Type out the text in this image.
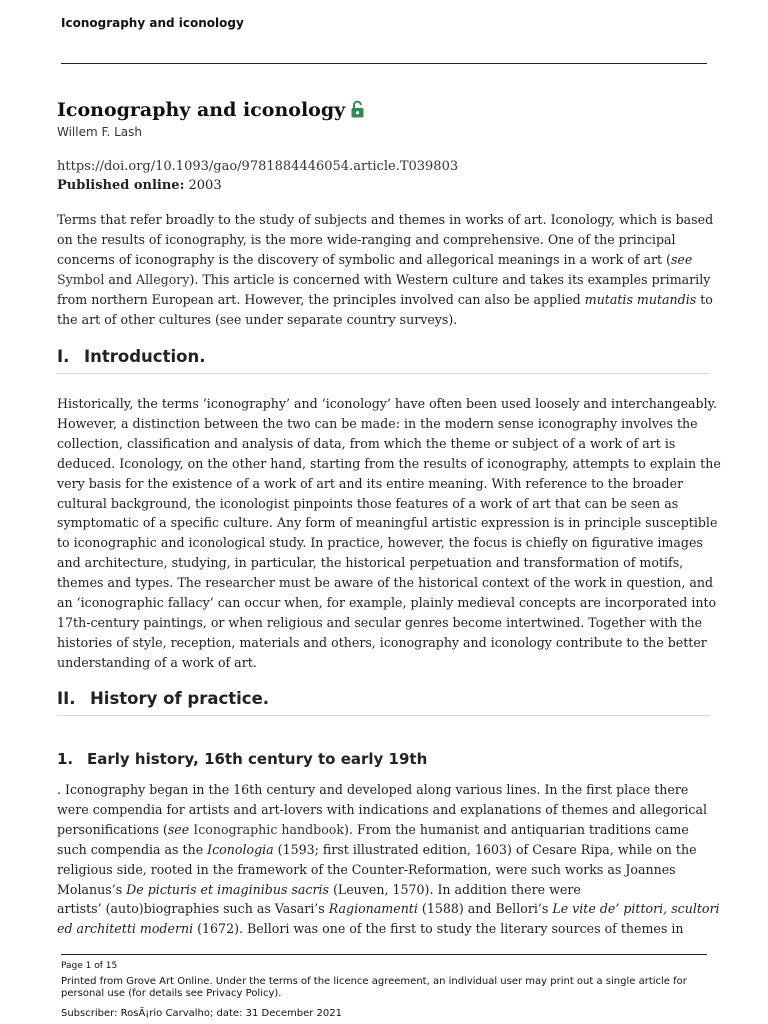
Iconography and iconology
Iconography and iconology
Willem F. Lash
https://doi.org/10.1093/gao/9781884446054.article.T039803
Published online: 2003
Terms that refer broadly to the study of subjects and themes in works of art. Iconology, which is based
on the results of iconography, is the more wide-ranging and comprehensive. One of the principal
concerns of iconography is the discovery of symbolic and allegorical meanings in a work of art (see
Symbol and Allegory). This article is concerned with Western culture and takes its examples primarily
from northern European art. However, the principles involved can also be applied mutatis mutandis to
the art of other cultures (see under separate country surveys).
I. Introduction.
Historically, the terms ‘iconography’ and ‘iconology’ have often been used loosely and interchangeably.
However, a distinction between the two can be made: in the modern sense iconography involves the
collection, classification and analysis of data, from which the theme or subject of a work of art is
deduced. Iconology, on the other hand, starting from the results of iconography, attempts to explain the
very basis for the existence of a work of art and its entire meaning. With reference to the broader
cultural background, the iconologist pinpoints those features of a work of art that can be seen as
symptomatic of a specific culture. Any form of meaningful artistic expression is in principle susceptible
to iconographic and iconological study. In practice, however, the focus is chiefly on figurative images
and architecture, studying, in particular, the historical perpetuation and transformation of motifs,
themes and types. The researcher must be aware of the historical context of the work in question, and
an ‘iconographic fallacy’ can occur when, for example, plainly medieval concepts are incorporated into
17th-century paintings, or when religious and secular genres become intertwined. Together with the
histories of style, reception, materials and others, iconography and iconology contribute to the better
understanding of a work of art.
II. History of practice.
1. Early history, 16th century to early 19th
. Iconography began in the 16th century and developed along various lines. In the first place there
were compendia for artists and art-lovers with indications and explanations of themes and allegorical
personifications (see Iconographic handbook). From the humanist and antiquarian traditions came
such compendia as the Iconologia (1593; first illustrated edition, 1603) of Cesare Ripa, while on the
religious side, rooted in the framework of the Counter-Reformation, were such works as Joannes
Molanus’s De picturis et imaginibus sacris (Leuven, 1570). In addition there were
artists’ (auto)biographies such as Vasari’s Ragionamenti (1588) and Bellori’s Le vite de’ pittori, scultori
ed architetti moderni (1672). Bellori was one of the first to study the literary sources of themes in
Page 1 of 15
Printed from Grove Art Online. Under the terms of the licence agreement, an individual user may print out a single article for personal use (for details see Privacy Policy).
Subscriber: RosÃ¡rio Carvalho; date: 31 December 2021
